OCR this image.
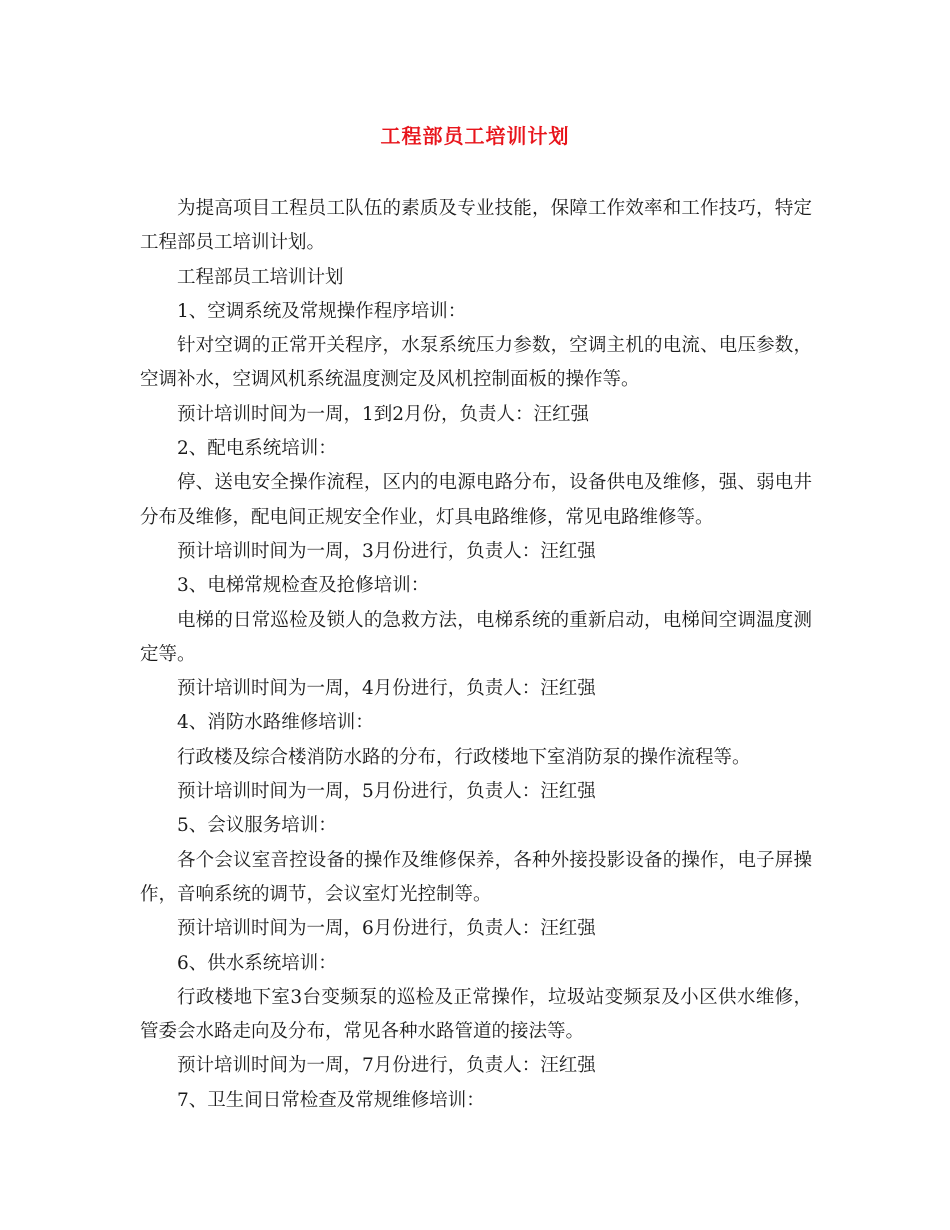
工程部员工培训计划

为提高项目工程员工队伍的素质及专业技能，保障工作效率和工作技巧，特定工程部员工培训计划。

工程部员工培训计划

1、空调系统及常规操作程序培训：

针对空调的正常开关程序，水泵系统压力参数，空调主机的电流、电压参数，空调补水，空调风机系统温度测定及风机控制面板的操作等。

预计培训时间为一周，1到2月份，负责人：汪红强

2、配电系统培训：

停、送电安全操作流程，区内的电源电路分布，设备供电及维修，强、弱电井分布及维修，配电间正规安全作业，灯具电路维修，常见电路维修等。

预计培训时间为一周，3月份进行，负责人：汪红强

3、电梯常规检查及抢修培训：

电梯的日常巡检及锁人的急救方法，电梯系统的重新启动，电梯间空调温度测定等。

预计培训时间为一周，4月份进行，负责人：汪红强

4、消防水路维修培训：

行政楼及综合楼消防水路的分布，行政楼地下室消防泵的操作流程等。

预计培训时间为一周，5月份进行，负责人：汪红强

5、会议服务培训：

各个会议室音控设备的操作及维修保养，各种外接投影设备的操作，电子屏操作，音响系统的调节，会议室灯光控制等。

预计培训时间为一周，6月份进行，负责人：汪红强

6、供水系统培训：

行政楼地下室3台变频泵的巡检及正常操作，垃圾站变频泵及小区供水维修，管委会水路走向及分布，常见各种水路管道的接法等。

预计培训时间为一周，7月份进行，负责人：汪红强

7、卫生间日常检查及常规维修培训：
